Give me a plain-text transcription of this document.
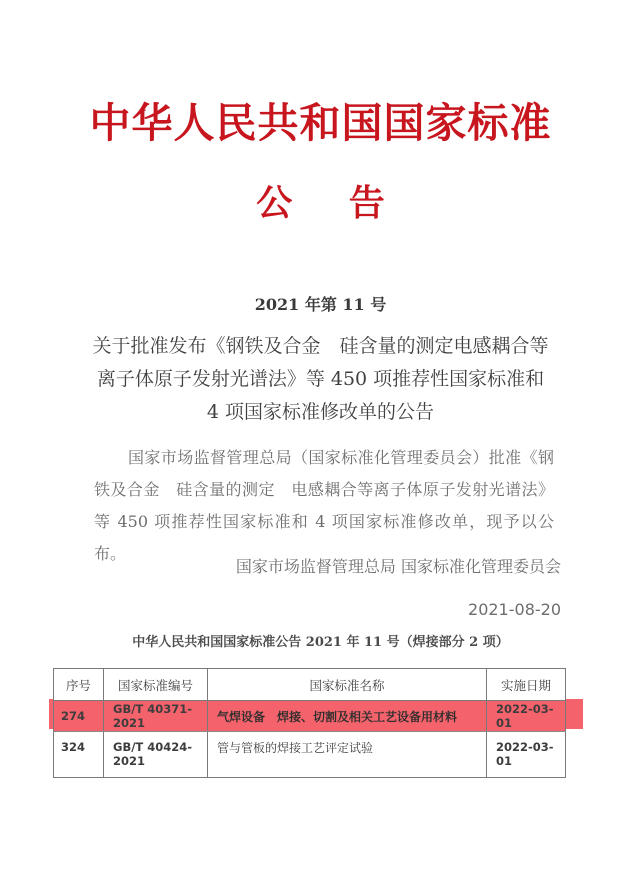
中华人民共和国国家标准
公 告
2021 年第 11 号
关于批准发布《钢铁及合金　硅含量的测定电感耦合等离子体原子发射光谱法》等 450 项推荐性国家标准和 4 项国家标准修改单的公告
国家市场监督管理总局（国家标准化管理委员会）批准《钢铁及合金　硅含量的测定　电感耦合等离子体原子发射光谱法》等 450 项推荐性国家标准和 4 项国家标准修改单，现予以公布。
国家市场监督管理总局 国家标准化管理委员会
2021-08-20
中华人民共和国国家标准公告 2021 年 11 号（焊接部分 2 项）
序号	国家标准编号	国家标准名称	实施日期
274	GB/T 40371-2021	气焊设备　焊接、切割及相关工艺设备用材料	2022-03-01
324	GB/T 40424-2021	管与管板的焊接工艺评定试验	2022-03-01
